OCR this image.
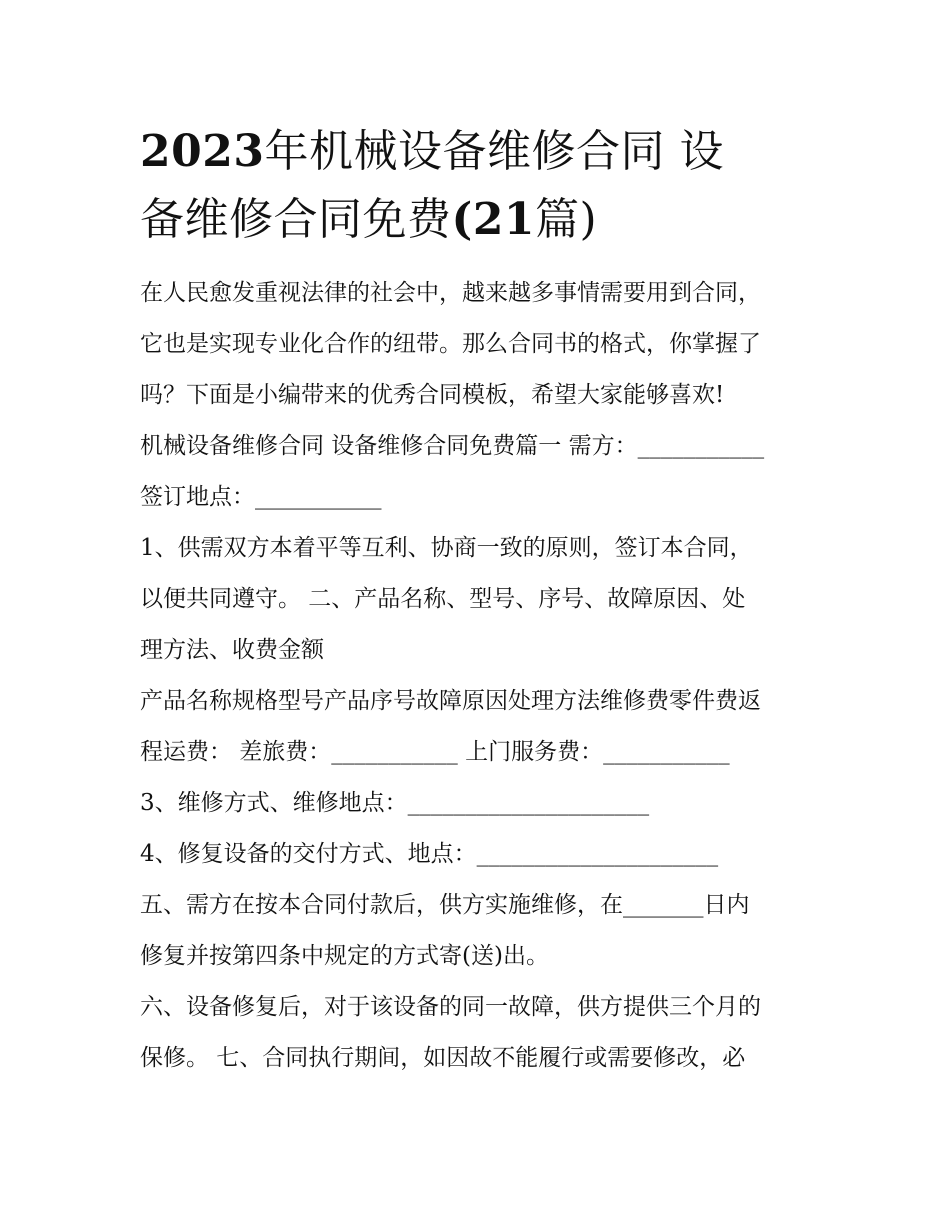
2023年机械设备维修合同 设
备维修合同免费(21篇)

在人民愈发重视法律的社会中，越来越多事情需要用到合同，

它也是实现专业化合作的纽带。那么合同书的格式，你掌握了

吗？下面是小编带来的优秀合同模板，希望大家能够喜欢!

机械设备维修合同 设备维修合同免费篇一 需方：___________

签订地点：___________

1、供需双方本着平等互利、协商一致的原则，签订本合同，

以便共同遵守。 二、产品名称、型号、序号、故障原因、处

理方法、收费金额

产品名称规格型号产品序号故障原因处理方法维修费零件费返

程运费： 差旅费：___________ 上门服务费：___________

3、维修方式、维修地点：_____________________

4、修复设备的交付方式、地点：_____________________

五、需方在按本合同付款后，供方实施维修，在_______日内

修复并按第四条中规定的方式寄(送)出。

六、设备修复后，对于该设备的同一故障，供方提供三个月的

保修。 七、合同执行期间，如因故不能履行或需要修改，必
